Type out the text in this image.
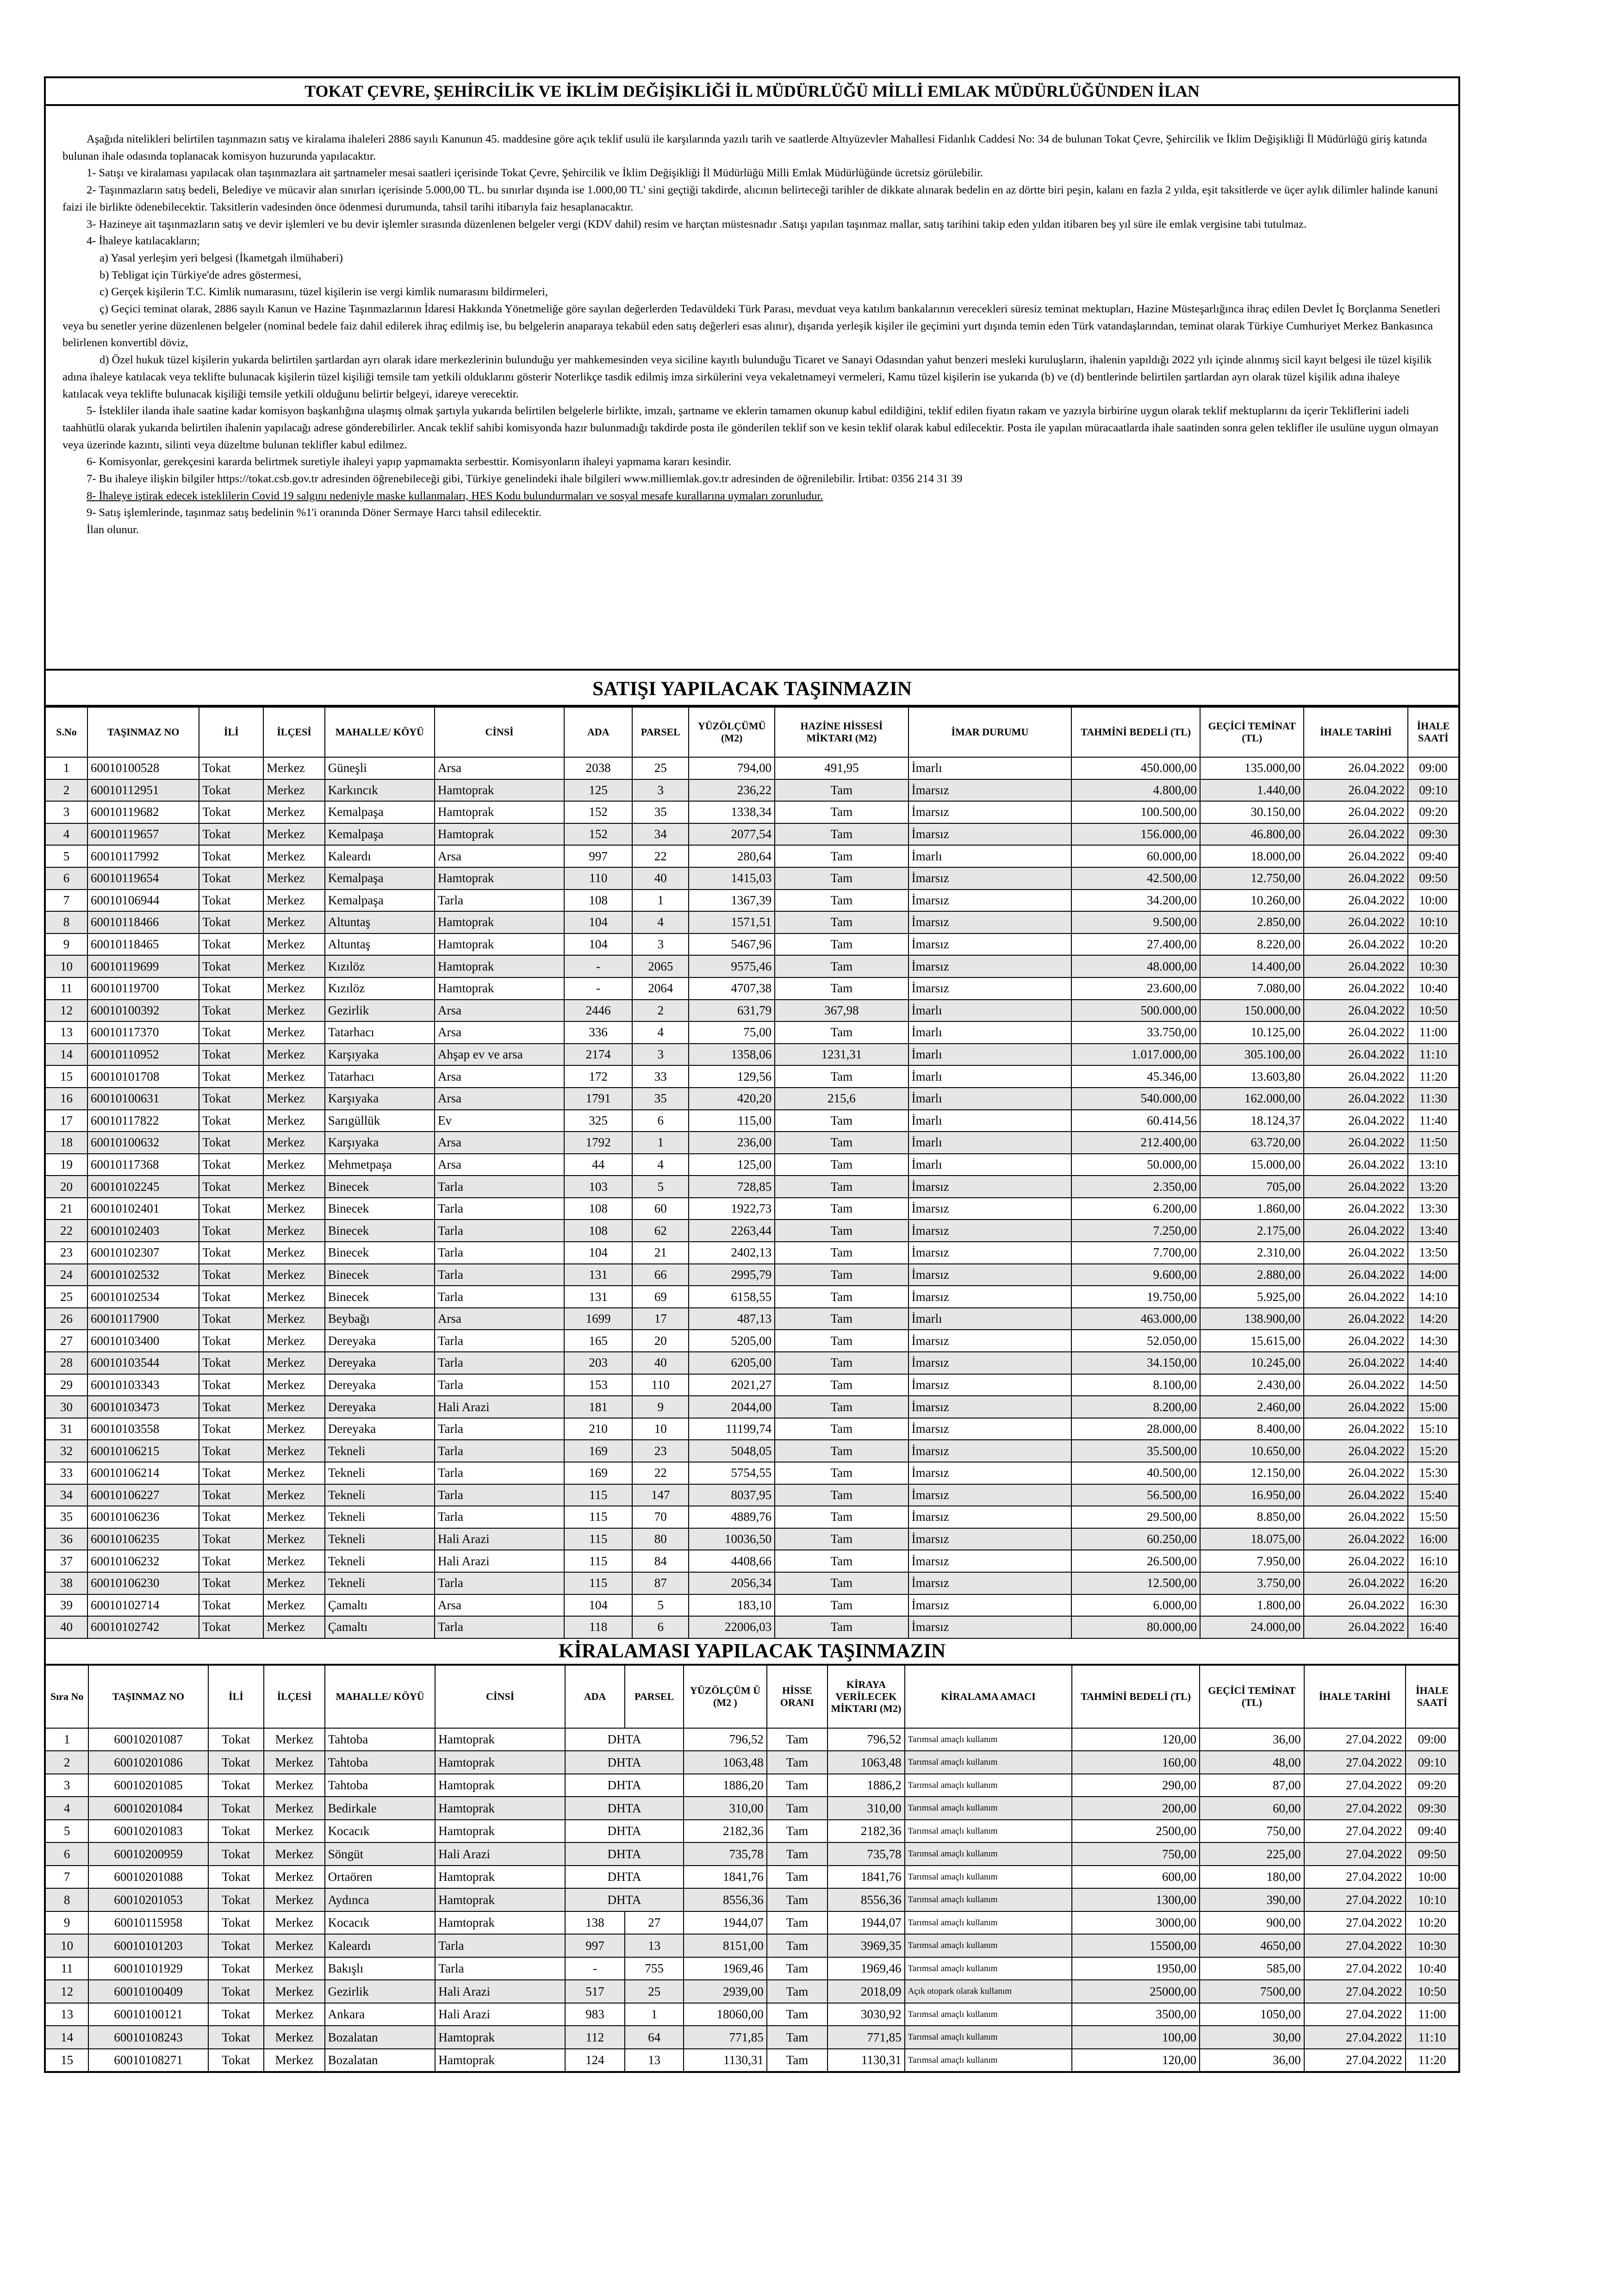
TOKAT ÇEVRE, ŞEHİRCİLİK VE İKLİM DEĞİŞİKLİĞİ İL MÜDÜRLÜĞÜ MİLLİ EMLAK MÜDÜRLÜĞÜNDEN İLAN

Aşağıda nitelikleri belirtilen taşınmazın satış ve kiralama ihaleleri 2886 sayılı Kanunun 45. maddesine göre açık teklif usulü ile karşılarında yazılı tarih ve saatlerde Altıyüzevler Mahallesi Fidanlık Caddesi No: 34 de bulunan Tokat Çevre, Şehircilik ve İklim Değişikliği İl Müdürlüğü giriş katında bulunan ihale odasında toplanacak komisyon huzurunda yapılacaktır.

1- Satışı ve kiralaması yapılacak olan taşınmazlara ait şartnameler mesai saatleri içerisinde Tokat Çevre, Şehircilik ve İklim Değişikliği İl Müdürlüğü Milli Emlak Müdürlüğünde ücretsiz görülebilir.

2- Taşınmazların satış bedeli, Belediye ve mücavir alan sınırları içerisinde 5.000,00 TL. bu sınırlar dışında ise 1.000,00 TL' sini geçtiği takdirde, alıcının belirteceği tarihler de dikkate alınarak bedelin en az dörtte biri peşin, kalanı en fazla 2 yılda, eşit taksitlerde ve üçer aylık dilimler halinde kanuni faizi ile birlikte ödenebilecektir. Taksitlerin vadesinden önce ödenmesi durumunda, tahsil tarihi itibarıyla faiz hesaplanacaktır.

3- Hazineye ait taşınmazların satış ve devir işlemleri ve bu devir işlemler sırasında düzenlenen belgeler vergi (KDV dahil) resim ve harçtan müstesnadır .Satışı yapılan taşınmaz mallar, satış tarihini takip eden yıldan itibaren beş yıl süre ile emlak vergisine tabi tutulmaz.

4- İhaleye katılacakların;

a) Yasal yerleşim yeri belgesi (İkametgah ilmühaberi)

b) Tebligat için Türkiye'de adres göstermesi,

c) Gerçek kişilerin T.C. Kimlik numarasını, tüzel kişilerin ise vergi kimlik numarasını bildirmeleri,

ç) Geçici teminat olarak, 2886 sayılı Kanun ve Hazine Taşınmazlarının İdaresi Hakkında Yönetmeliğe göre sayılan değerlerden Tedavüldeki Türk Parası, mevduat veya katılım bankalarının verecekleri süresiz teminat mektupları, Hazine Müsteşarlığınca ihraç edilen Devlet İç Borçlanma Senetleri veya bu senetler yerine düzenlenen belgeler (nominal bedele faiz dahil edilerek ihraç edilmiş ise, bu belgelerin anaparaya tekabül eden satış değerleri esas alınır), dışarıda yerleşik kişiler ile geçimini yurt dışında temin eden Türk vatandaşlarından, teminat olarak Türkiye Cumhuriyet Merkez Bankasınca belirlenen konvertibl döviz,

d) Özel hukuk tüzel kişilerin yukarda belirtilen şartlardan ayrı olarak idare merkezlerinin bulunduğu yer mahkemesinden veya siciline kayıtlı bulunduğu Ticaret ve Sanayi Odasından yahut benzeri mesleki kuruluşların, ihalenin yapıldığı 2022 yılı içinde alınmış sicil kayıt belgesi ile tüzel kişilik adına ihaleye katılacak veya teklifte bulunacak kişilerin tüzel kişiliği temsile tam yetkili olduklarını gösterir Noterlikçe tasdik edilmiş imza sirkülerini veya vekaletnameyi vermeleri, Kamu tüzel kişilerin ise yukarıda (b) ve (d) bentlerinde belirtilen şartlardan ayrı olarak tüzel kişilik adına ihaleye katılacak veya teklifte bulunacak kişiliği temsile yetkili olduğunu belirtir belgeyi, idareye verecektir.

5- İstekliler ilanda ihale saatine kadar komisyon başkanlığına ulaşmış olmak şartıyla yukarıda belirtilen belgelerle birlikte, imzalı, şartname ve eklerin tamamen okunup kabul edildiğini, teklif edilen fiyatın rakam ve yazıyla birbirine uygun olarak teklif mektuplarını da içerir Tekliflerini iadeli taahhütlü olarak yukarıda belirtilen ihalenin yapılacağı adrese gönderebilirler. Ancak teklif sahibi komisyonda hazır bulunmadığı takdirde posta ile gönderilen teklif son ve kesin teklif olarak kabul edilecektir. Posta ile yapılan müracaatlarda ihale saatinden sonra gelen teklifler ile usulüne uygun olmayan veya üzerinde kazıntı, silinti veya düzeltme bulunan teklifler kabul edilmez.

6- Komisyonlar, gerekçesini kararda belirtmek suretiyle ihaleyi yapıp yapmamakta serbesttir. Komisyonların ihaleyi yapmama kararı kesindir.

7- Bu ihaleye ilişkin bilgiler https://tokat.csb.gov.tr adresinden öğrenebileceği gibi, Türkiye genelindeki ihale bilgileri www.milliemlak.gov.tr adresinden de öğrenilebilir. İrtibat: 0356 214 31 39

8- İhaleye iştirak edecek isteklilerin Covid 19 salgını nedeniyle maske kullanmaları, HES Kodu bulundurmaları ve sosyal mesafe kurallarına uymaları zorunludur.

9- Satış işlemlerinde, taşınmaz satış bedelinin %1'i oranında Döner Sermaye Harcı tahsil edilecektir.

İlan olunur.

SATIŞI YAPILACAK TAŞINMAZIN
S.No	TAŞINMAZ NO	İLİ	İLÇESİ	MAHALLE/ KÖYÜ	CİNSİ	ADA	PARSEL	YÜZÖLÇÜMÜ (M2)	HAZİNE HİSSESİ MİKTARI (M2)	İMAR DURUMU	TAHMİNİ BEDELİ (TL)	GEÇİCİ TEMİNAT (TL)	İHALE TARİHİ	İHALE SAATİ
1	60010100528	Tokat	Merkez	Güneşli	Arsa	2038	25	794,00	491,95	İmarlı	450.000,00	135.000,00	26.04.2022	09:00
2	60010112951	Tokat	Merkez	Karkıncık	Hamtoprak	125	3	236,22	Tam	İmarsız	4.800,00	1.440,00	26.04.2022	09:10
3	60010119682	Tokat	Merkez	Kemalpaşa	Hamtoprak	152	35	1338,34	Tam	İmarsız	100.500,00	30.150,00	26.04.2022	09:20
4	60010119657	Tokat	Merkez	Kemalpaşa	Hamtoprak	152	34	2077,54	Tam	İmarsız	156.000,00	46.800,00	26.04.2022	09:30
5	60010117992	Tokat	Merkez	Kaleardı	Arsa	997	22	280,64	Tam	İmarlı	60.000,00	18.000,00	26.04.2022	09:40
6	60010119654	Tokat	Merkez	Kemalpaşa	Hamtoprak	110	40	1415,03	Tam	İmarsız	42.500,00	12.750,00	26.04.2022	09:50
7	60010106944	Tokat	Merkez	Kemalpaşa	Tarla	108	1	1367,39	Tam	İmarsız	34.200,00	10.260,00	26.04.2022	10:00
8	60010118466	Tokat	Merkez	Altuntaş	Hamtoprak	104	4	1571,51	Tam	İmarsız	9.500,00	2.850,00	26.04.2022	10:10
9	60010118465	Tokat	Merkez	Altuntaş	Hamtoprak	104	3	5467,96	Tam	İmarsız	27.400,00	8.220,00	26.04.2022	10:20
10	60010119699	Tokat	Merkez	Kızılöz	Hamtoprak	-	2065	9575,46	Tam	İmarsız	48.000,00	14.400,00	26.04.2022	10:30
11	60010119700	Tokat	Merkez	Kızılöz	Hamtoprak	-	2064	4707,38	Tam	İmarsız	23.600,00	7.080,00	26.04.2022	10:40
12	60010100392	Tokat	Merkez	Gezirlik	Arsa	2446	2	631,79	367,98	İmarlı	500.000,00	150.000,00	26.04.2022	10:50
13	60010117370	Tokat	Merkez	Tatarhacı	Arsa	336	4	75,00	Tam	İmarlı	33.750,00	10.125,00	26.04.2022	11:00
14	60010110952	Tokat	Merkez	Karşıyaka	Ahşap ev ve arsa	2174	3	1358,06	1231,31	İmarlı	1.017.000,00	305.100,00	26.04.2022	11:10
15	60010101708	Tokat	Merkez	Tatarhacı	Arsa	172	33	129,56	Tam	İmarlı	45.346,00	13.603,80	26.04.2022	11:20
16	60010100631	Tokat	Merkez	Karşıyaka	Arsa	1791	35	420,20	215,6	İmarlı	540.000,00	162.000,00	26.04.2022	11:30
17	60010117822	Tokat	Merkez	Sarıgüllük	Ev	325	6	115,00	Tam	İmarlı	60.414,56	18.124,37	26.04.2022	11:40
18	60010100632	Tokat	Merkez	Karşıyaka	Arsa	1792	1	236,00	Tam	İmarlı	212.400,00	63.720,00	26.04.2022	11:50
19	60010117368	Tokat	Merkez	Mehmetpaşa	Arsa	44	4	125,00	Tam	İmarlı	50.000,00	15.000,00	26.04.2022	13:10
20	60010102245	Tokat	Merkez	Binecek	Tarla	103	5	728,85	Tam	İmarsız	2.350,00	705,00	26.04.2022	13:20
21	60010102401	Tokat	Merkez	Binecek	Tarla	108	60	1922,73	Tam	İmarsız	6.200,00	1.860,00	26.04.2022	13:30
22	60010102403	Tokat	Merkez	Binecek	Tarla	108	62	2263,44	Tam	İmarsız	7.250,00	2.175,00	26.04.2022	13:40
23	60010102307	Tokat	Merkez	Binecek	Tarla	104	21	2402,13	Tam	İmarsız	7.700,00	2.310,00	26.04.2022	13:50
24	60010102532	Tokat	Merkez	Binecek	Tarla	131	66	2995,79	Tam	İmarsız	9.600,00	2.880,00	26.04.2022	14:00
25	60010102534	Tokat	Merkez	Binecek	Tarla	131	69	6158,55	Tam	İmarsız	19.750,00	5.925,00	26.04.2022	14:10
26	60010117900	Tokat	Merkez	Beybağı	Arsa	1699	17	487,13	Tam	İmarlı	463.000,00	138.900,00	26.04.2022	14:20
27	60010103400	Tokat	Merkez	Dereyaka	Tarla	165	20	5205,00	Tam	İmarsız	52.050,00	15.615,00	26.04.2022	14:30
28	60010103544	Tokat	Merkez	Dereyaka	Tarla	203	40	6205,00	Tam	İmarsız	34.150,00	10.245,00	26.04.2022	14:40
29	60010103343	Tokat	Merkez	Dereyaka	Tarla	153	110	2021,27	Tam	İmarsız	8.100,00	2.430,00	26.04.2022	14:50
30	60010103473	Tokat	Merkez	Dereyaka	Hali Arazi	181	9	2044,00	Tam	İmarsız	8.200,00	2.460,00	26.04.2022	15:00
31	60010103558	Tokat	Merkez	Dereyaka	Tarla	210	10	11199,74	Tam	İmarsız	28.000,00	8.400,00	26.04.2022	15:10
32	60010106215	Tokat	Merkez	Tekneli	Tarla	169	23	5048,05	Tam	İmarsız	35.500,00	10.650,00	26.04.2022	15:20
33	60010106214	Tokat	Merkez	Tekneli	Tarla	169	22	5754,55	Tam	İmarsız	40.500,00	12.150,00	26.04.2022	15:30
34	60010106227	Tokat	Merkez	Tekneli	Tarla	115	147	8037,95	Tam	İmarsız	56.500,00	16.950,00	26.04.2022	15:40
35	60010106236	Tokat	Merkez	Tekneli	Tarla	115	70	4889,76	Tam	İmarsız	29.500,00	8.850,00	26.04.2022	15:50
36	60010106235	Tokat	Merkez	Tekneli	Hali Arazi	115	80	10036,50	Tam	İmarsız	60.250,00	18.075,00	26.04.2022	16:00
37	60010106232	Tokat	Merkez	Tekneli	Hali Arazi	115	84	4408,66	Tam	İmarsız	26.500,00	7.950,00	26.04.2022	16:10
38	60010106230	Tokat	Merkez	Tekneli	Tarla	115	87	2056,34	Tam	İmarsız	12.500,00	3.750,00	26.04.2022	16:20
39	60010102714	Tokat	Merkez	Çamaltı	Arsa	104	5	183,10	Tam	İmarsız	6.000,00	1.800,00	26.04.2022	16:30
40	60010102742	Tokat	Merkez	Çamaltı	Tarla	118	6	22006,03	Tam	İmarsız	80.000,00	24.000,00	26.04.2022	16:40
KİRALAMASI YAPILACAK TAŞINMAZIN
Sıra No	TAŞINMAZ NO	İLİ	İLÇESİ	MAHALLE/ KÖYÜ	CİNSİ	ADA	PARSEL	YÜZÖLÇÜM Ü (M2 )	HİSSE ORANI	KİRAYA VERİLECEK MİKTARI (M2)	KİRALAMA AMACI	TAHMİNİ BEDELİ (TL)	GEÇİCİ TEMİNAT (TL)	İHALE TARİHİ	İHALE SAATİ
1	60010201087	Tokat	Merkez	Tahtoba	Hamtoprak	DHTA		796,52	Tam	796,52	Tarımsal amaçlı kullanım	120,00	36,00	27.04.2022	09:00
2	60010201086	Tokat	Merkez	Tahtoba	Hamtoprak	DHTA		1063,48	Tam	1063,48	Tarımsal amaçlı kullanım	160,00	48,00	27.04.2022	09:10
3	60010201085	Tokat	Merkez	Tahtoba	Hamtoprak	DHTA		1886,20	Tam	1886,2	Tarımsal amaçlı kullanım	290,00	87,00	27.04.2022	09:20
4	60010201084	Tokat	Merkez	Bedirkale	Hamtoprak	DHTA		310,00	Tam	310,00	Tarımsal amaçlı kullanım	200,00	60,00	27.04.2022	09:30
5	60010201083	Tokat	Merkez	Kocacık	Hamtoprak	DHTA		2182,36	Tam	2182,36	Tarımsal amaçlı kullanım	2500,00	750,00	27.04.2022	09:40
6	60010200959	Tokat	Merkez	Söngüt	Hali Arazi	DHTA		735,78	Tam	735,78	Tarımsal amaçlı kullanım	750,00	225,00	27.04.2022	09:50
7	60010201088	Tokat	Merkez	Ortaören	Hamtoprak	DHTA		1841,76	Tam	1841,76	Tarımsal amaçlı kullanım	600,00	180,00	27.04.2022	10:00
8	60010201053	Tokat	Merkez	Aydınca	Hamtoprak	DHTA		8556,36	Tam	8556,36	Tarımsal amaçlı kullanım	1300,00	390,00	27.04.2022	10:10
9	60010115958	Tokat	Merkez	Kocacık	Hamtoprak	138	27	1944,07	Tam	1944,07	Tarımsal amaçlı kullanım	3000,00	900,00	27.04.2022	10:20
10	60010101203	Tokat	Merkez	Kaleardı	Tarla	997	13	8151,00	Tam	3969,35	Tarımsal amaçlı kullanım	15500,00	4650,00	27.04.2022	10:30
11	60010101929	Tokat	Merkez	Bakışlı	Tarla	-	755	1969,46	Tam	1969,46	Tarımsal amaçlı kullanım	1950,00	585,00	27.04.2022	10:40
12	60010100409	Tokat	Merkez	Gezirlik	Hali Arazi	517	25	2939,00	Tam	2018,09	Açık otopark olarak kullanım	25000,00	7500,00	27.04.2022	10:50
13	60010100121	Tokat	Merkez	Ankara	Hali Arazi	983	1	18060,00	Tam	3030,92	Tarımsal amaçlı kullanım	3500,00	1050,00	27.04.2022	11:00
14	60010108243	Tokat	Merkez	Bozalatan	Hamtoprak	112	64	771,85	Tam	771,85	Tarımsal amaçlı kullanım	100,00	30,00	27.04.2022	11:10
15	60010108271	Tokat	Merkez	Bozalatan	Hamtoprak	124	13	1130,31	Tam	1130,31	Tarımsal amaçlı kullanım	120,00	36,00	27.04.2022	11:20
